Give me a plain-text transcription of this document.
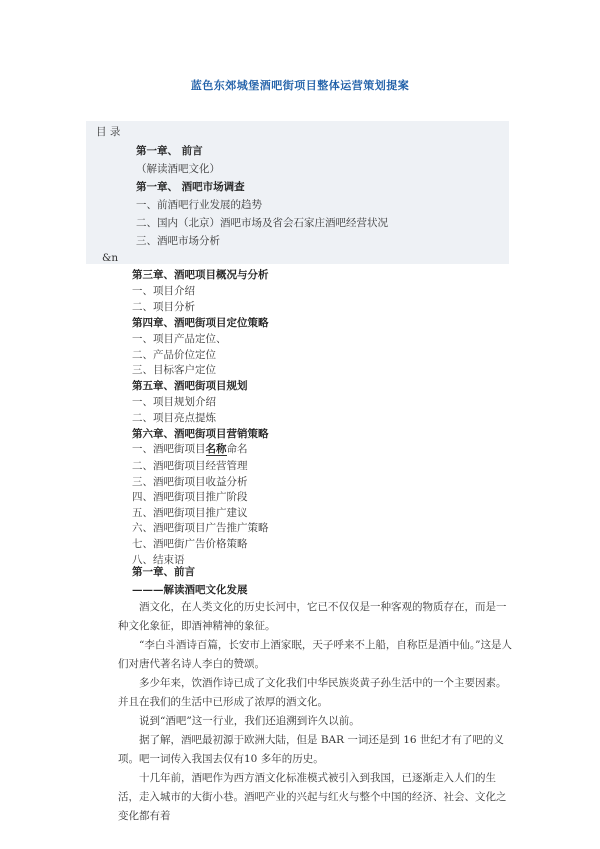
蓝色东郊城堡酒吧街项目整体运营策划提案
目 录
第一章、 前言
（解读酒吧文化）
第一章、 酒吧市场调查
一、前酒吧行业发展的趋势
二、国内（北京）酒吧市场及省会石家庄酒吧经营状况
三、酒吧市场分析
&n
第三章、酒吧项目概况与分析
一、项目介绍
二、项目分析
第四章、酒吧街项目定位策略
一、项目产品定位、
二、产品价位定位
三、目标客户定位
第五章、酒吧街项目规划
一、项目规划介绍
二、项目亮点提炼
第六章、酒吧街项目营销策略
一、酒吧街项目名称命名
二、酒吧街项目经营管理
三、酒吧街项目收益分析
四、酒吧街项目推广阶段
五、酒吧街项目推广建议
六、酒吧街项目广告推广策略
七、酒吧街广告价格策略
八、结束语
第一章、前言
———解读酒吧文化发展

酒文化，在人类文化的历史长河中，它已不仅仅是一种客观的物质存在，而是一种文化象征，即酒神精神的象征。

“李白斗酒诗百篇，长安市上酒家眠，天子呼来不上船，自称臣是酒中仙。”这是人们对唐代著名诗人李白的赞颂。

多少年来，饮酒作诗已成了文化我们中华民族炎黄子孙生活中的一个主要因素。并且在我们的生活中已形成了浓厚的酒文化。

说到“酒吧”这一行业，我们还追溯到许久以前。

据了解，酒吧最初源于欧洲大陆，但是 BAR 一词还是到 16 世纪才有了吧的义项。吧一词传入我国去仅有10 多年的历史。

十几年前，酒吧作为西方酒文化标准模式被引入到我国，已逐渐走入人们的生活，走入城市的大街小巷。酒吧产业的兴起与红火与整个中国的经济、社会、文化之变化都有着
